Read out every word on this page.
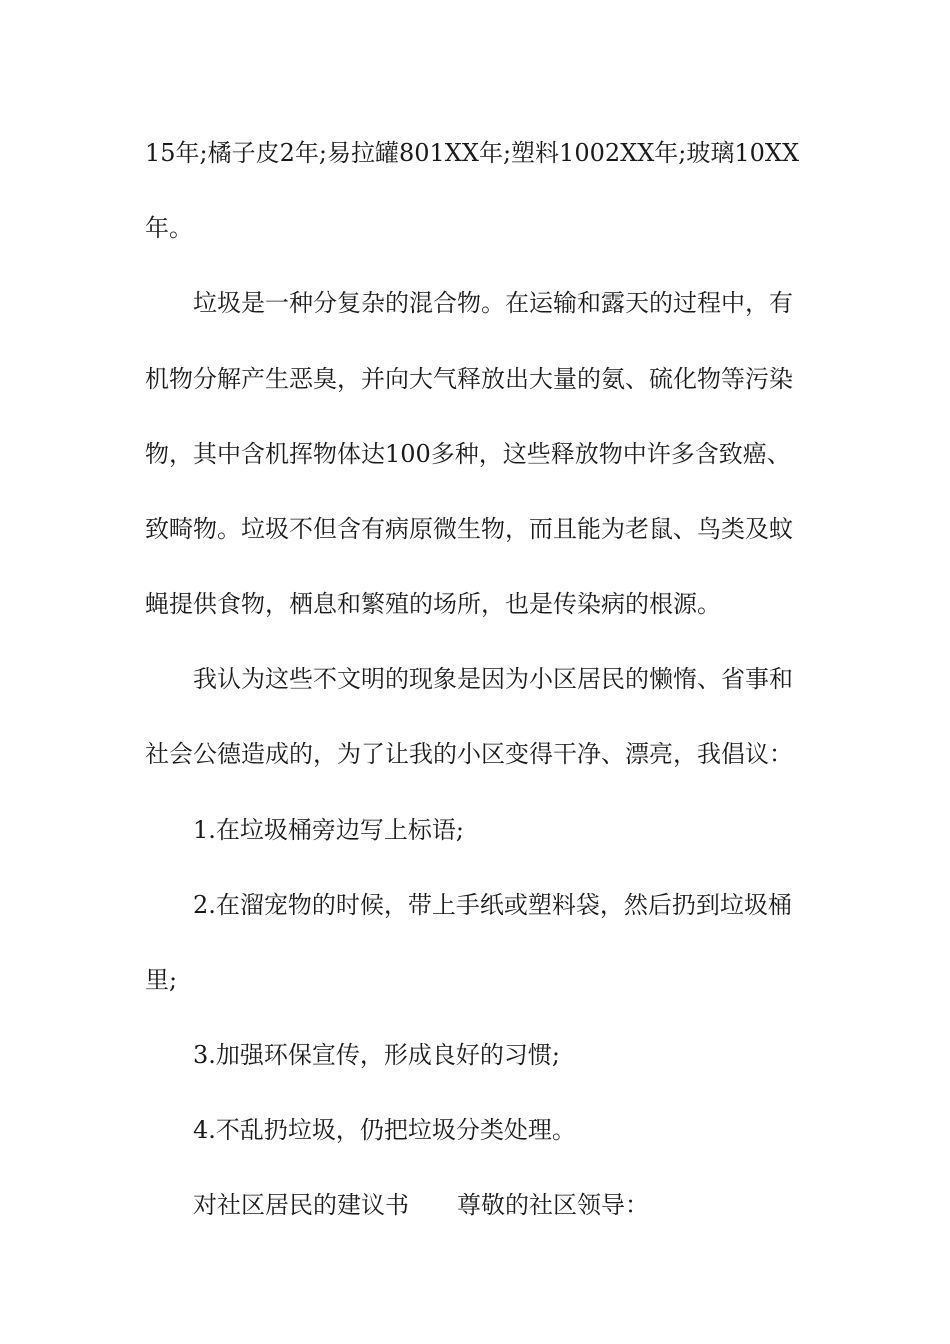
15年;橘子皮2年;易拉罐801XX年;塑料1002XX年;玻璃10XX
年。
垃圾是一种分复杂的混合物。在运输和露天的过程中，有
机物分解产生恶臭，并向大气释放出大量的氨、硫化物等污染
物，其中含机挥物体达100多种，这些释放物中许多含致癌、
致畸物。垃圾不但含有病原微生物，而且能为老鼠、鸟类及蚊
蝇提供食物，栖息和繁殖的场所，也是传染病的根源。
我认为这些不文明的现象是因为小区居民的懒惰、省事和
社会公德造成的，为了让我的小区变得干净、漂亮，我倡议：
1.在垃圾桶旁边写上标语;
2.在溜宠物的时候，带上手纸或塑料袋，然后扔到垃圾桶
里;
3.加强环保宣传，形成良好的习惯;
4.不乱扔垃圾，仍把垃圾分类处理。
对社区居民的建议书 尊敬的社区领导：
